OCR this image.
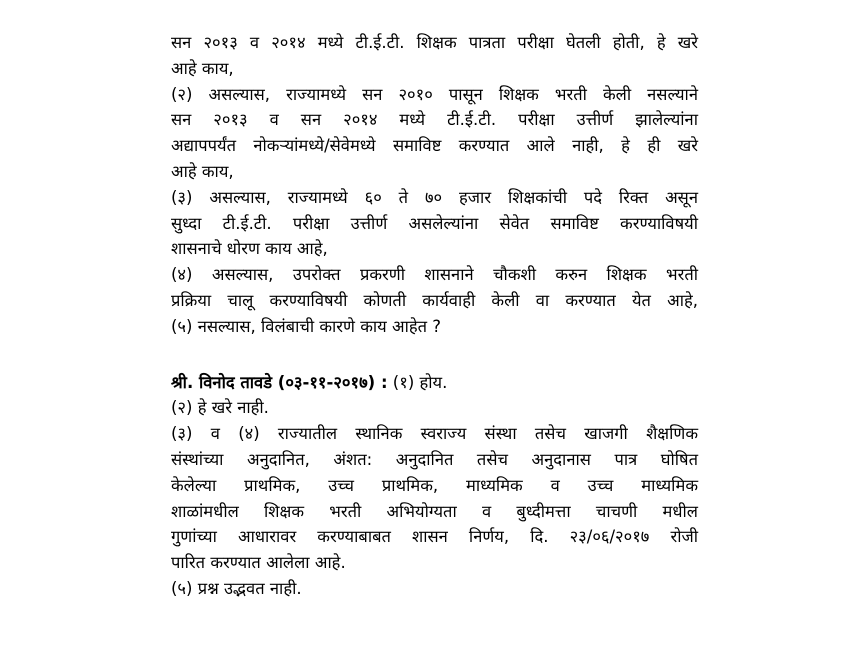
सन २०१३ व २०१४ मध्ये टी.ई.टी. शिक्षक पात्रता परीक्षा घेतली होती, हे खरे
आहे काय,
(२) असल्यास, राज्यामध्ये सन २०१० पासून शिक्षक भरती केली नसल्याने
सन २०१३ व सन २०१४ मध्ये टी.ई.टी. परीक्षा उत्तीर्ण झालेल्यांना
अद्यापपर्यंत नोकऱ्यांमध्ये/सेवेमध्ये समाविष्ट करण्यात आले नाही, हे ही खरे
आहे काय,
(३) असल्यास, राज्यामध्ये ६० ते ७० हजार शिक्षकांची पदे रिक्त असून
सुध्दा टी.ई.टी. परीक्षा उत्तीर्ण असलेल्यांना सेवेत समाविष्ट करण्याविषयी
शासनाचे धोरण काय आहे,
(४) असल्यास, उपरोक्त प्रकरणी शासनाने चौकशी करुन शिक्षक भरती
प्रक्रिया चालू करण्याविषयी कोणती कार्यवाही केली वा करण्यात येत आहे,
(५) नसल्यास, विलंबाची कारणे काय आहेत ?
श्री. विनोद तावडे (०३-११-२०१७) : (१) होय.
(२) हे खरे नाही.
(३) व (४) राज्यातील स्थानिक स्वराज्य संस्था तसेच खाजगी शैक्षणिक
संस्थांच्या अनुदानित, अंशत: अनुदानित तसेच अनुदानास पात्र घोषित
केलेल्या प्राथमिक, उच्च प्राथमिक, माध्यमिक व उच्च माध्यमिक
शाळांमधील शिक्षक भरती अभियोग्यता व बुध्दीमत्ता चाचणी मधील
गुणांच्या आधारावर करण्याबाबत शासन निर्णय, दि. २३/०६/२०१७ रोजी
पारित करण्यात आलेला आहे.
(५) प्रश्न उद्भवत नाही.
